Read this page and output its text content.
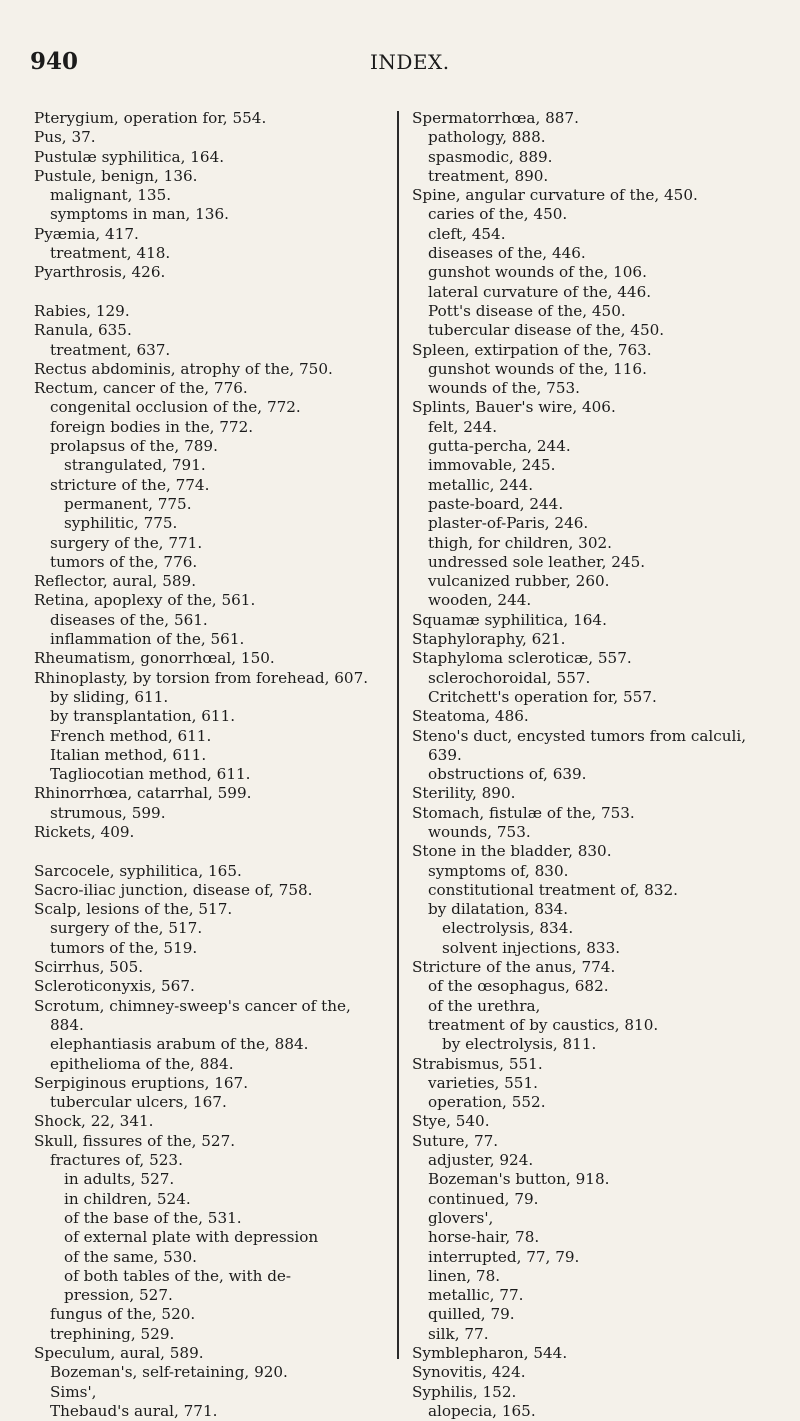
940	INDEX.
Pterygium, operation for, 554.
Pus, 37.
Pustulæ syphilitica, 164.
Pustule, benign, 136.
malignant, 135.
symptoms in man, 136.
Pyæmia, 417.
treatment, 418.
Pyarthrosis, 426.
Rabies, 129.
Ranula, 635.
treatment, 637.
Rectus abdominis, atrophy of the, 750.
Rectum, cancer of the, 776.
congenital occlusion of the, 772.
foreign bodies in the, 772.
prolapsus of the, 789.
strangulated, 791.
stricture of the, 774.
permanent, 775.
syphilitic, 775.
surgery of the, 771.
tumors of the, 776.
Reflector, aural, 589.
Retina, apoplexy of the, 561.
diseases of the, 561.
inflammation of the, 561.
Rheumatism, gonorrhœal, 150.
Rhinoplasty, by torsion from forehead, 607.
by sliding, 611.
by transplantation, 611.
French method, 611.
Italian method, 611.
Tagliocotian method, 611.
Rhinorrhœa, catarrhal, 599.
strumous, 599.
Rickets, 409.
Sarcocele, syphilitica, 165.
Sacro-iliac junction, disease of, 758.
Scalp, lesions of the, 517.
surgery of the, 517.
tumors of the, 519.
Scirrhus, 505.
Scleroticonyxis, 567.
Scrotum, chimney-sweep's cancer of the,
884.
elephantiasis arabum of the, 884.
epithelioma of the, 884.
Serpiginous eruptions, 167.
tubercular ulcers, 167.
Shock, 22, 341.
Skull, fissures of the, 527.
fractures of, 523.
in adults, 527.
in children, 524.
of the base of the, 531.
of external plate with depression
of the same, 530.
of both tables of the, with de-
pression, 527.
fungus of the, 520.
trephining, 529.
Speculum, aural, 589.
Bozeman's, self-retaining, 920.
Sims',
Thebaud's aural, 771.
Spermatorrhœa, 887.
pathology, 888.
spasmodic, 889.
treatment, 890.
Spine, angular curvature of the, 450.
caries of the, 450.
cleft, 454.
diseases of the, 446.
gunshot wounds of the, 106.
lateral curvature of the, 446.
Pott's disease of the, 450.
tubercular disease of the, 450.
Spleen, extirpation of the, 763.
gunshot wounds of the, 116.
wounds of the, 753.
Splints, Bauer's wire, 406.
felt, 244.
gutta-percha, 244.
immovable, 245.
metallic, 244.
paste-board, 244.
plaster-of-Paris, 246.
thigh, for children, 302.
undressed sole leather, 245.
vulcanized rubber, 260.
wooden, 244.
Squamæ syphilitica, 164.
Staphyloraphy, 621.
Staphyloma scleroticæ, 557.
sclerochoroidal, 557.
Critchett's operation for, 557.
Steatoma, 486.
Steno's duct, encysted tumors from calculi,
639.
obstructions of, 639.
Sterility, 890.
Stomach, fistulæ of the, 753.
wounds, 753.
Stone in the bladder, 830.
symptoms of, 830.
constitutional treatment of, 832.
by dilatation, 834.
electrolysis, 834.
solvent injections, 833.
Stricture of the anus, 774.
of the œsophagus, 682.
of the urethra,
treatment of by caustics, 810.
by electrolysis, 811.
Strabismus, 551.
varieties, 551.
operation, 552.
Stye, 540.
Suture, 77.
adjuster, 924.
Bozeman's button, 918.
continued, 79.
glovers',
horse-hair, 78.
interrupted, 77, 79.
linen, 78.
metallic, 77.
quilled, 79.
silk, 77.
Symblepharon, 544.
Synovitis, 424.
Syphilis, 152.
alopecia, 165.
